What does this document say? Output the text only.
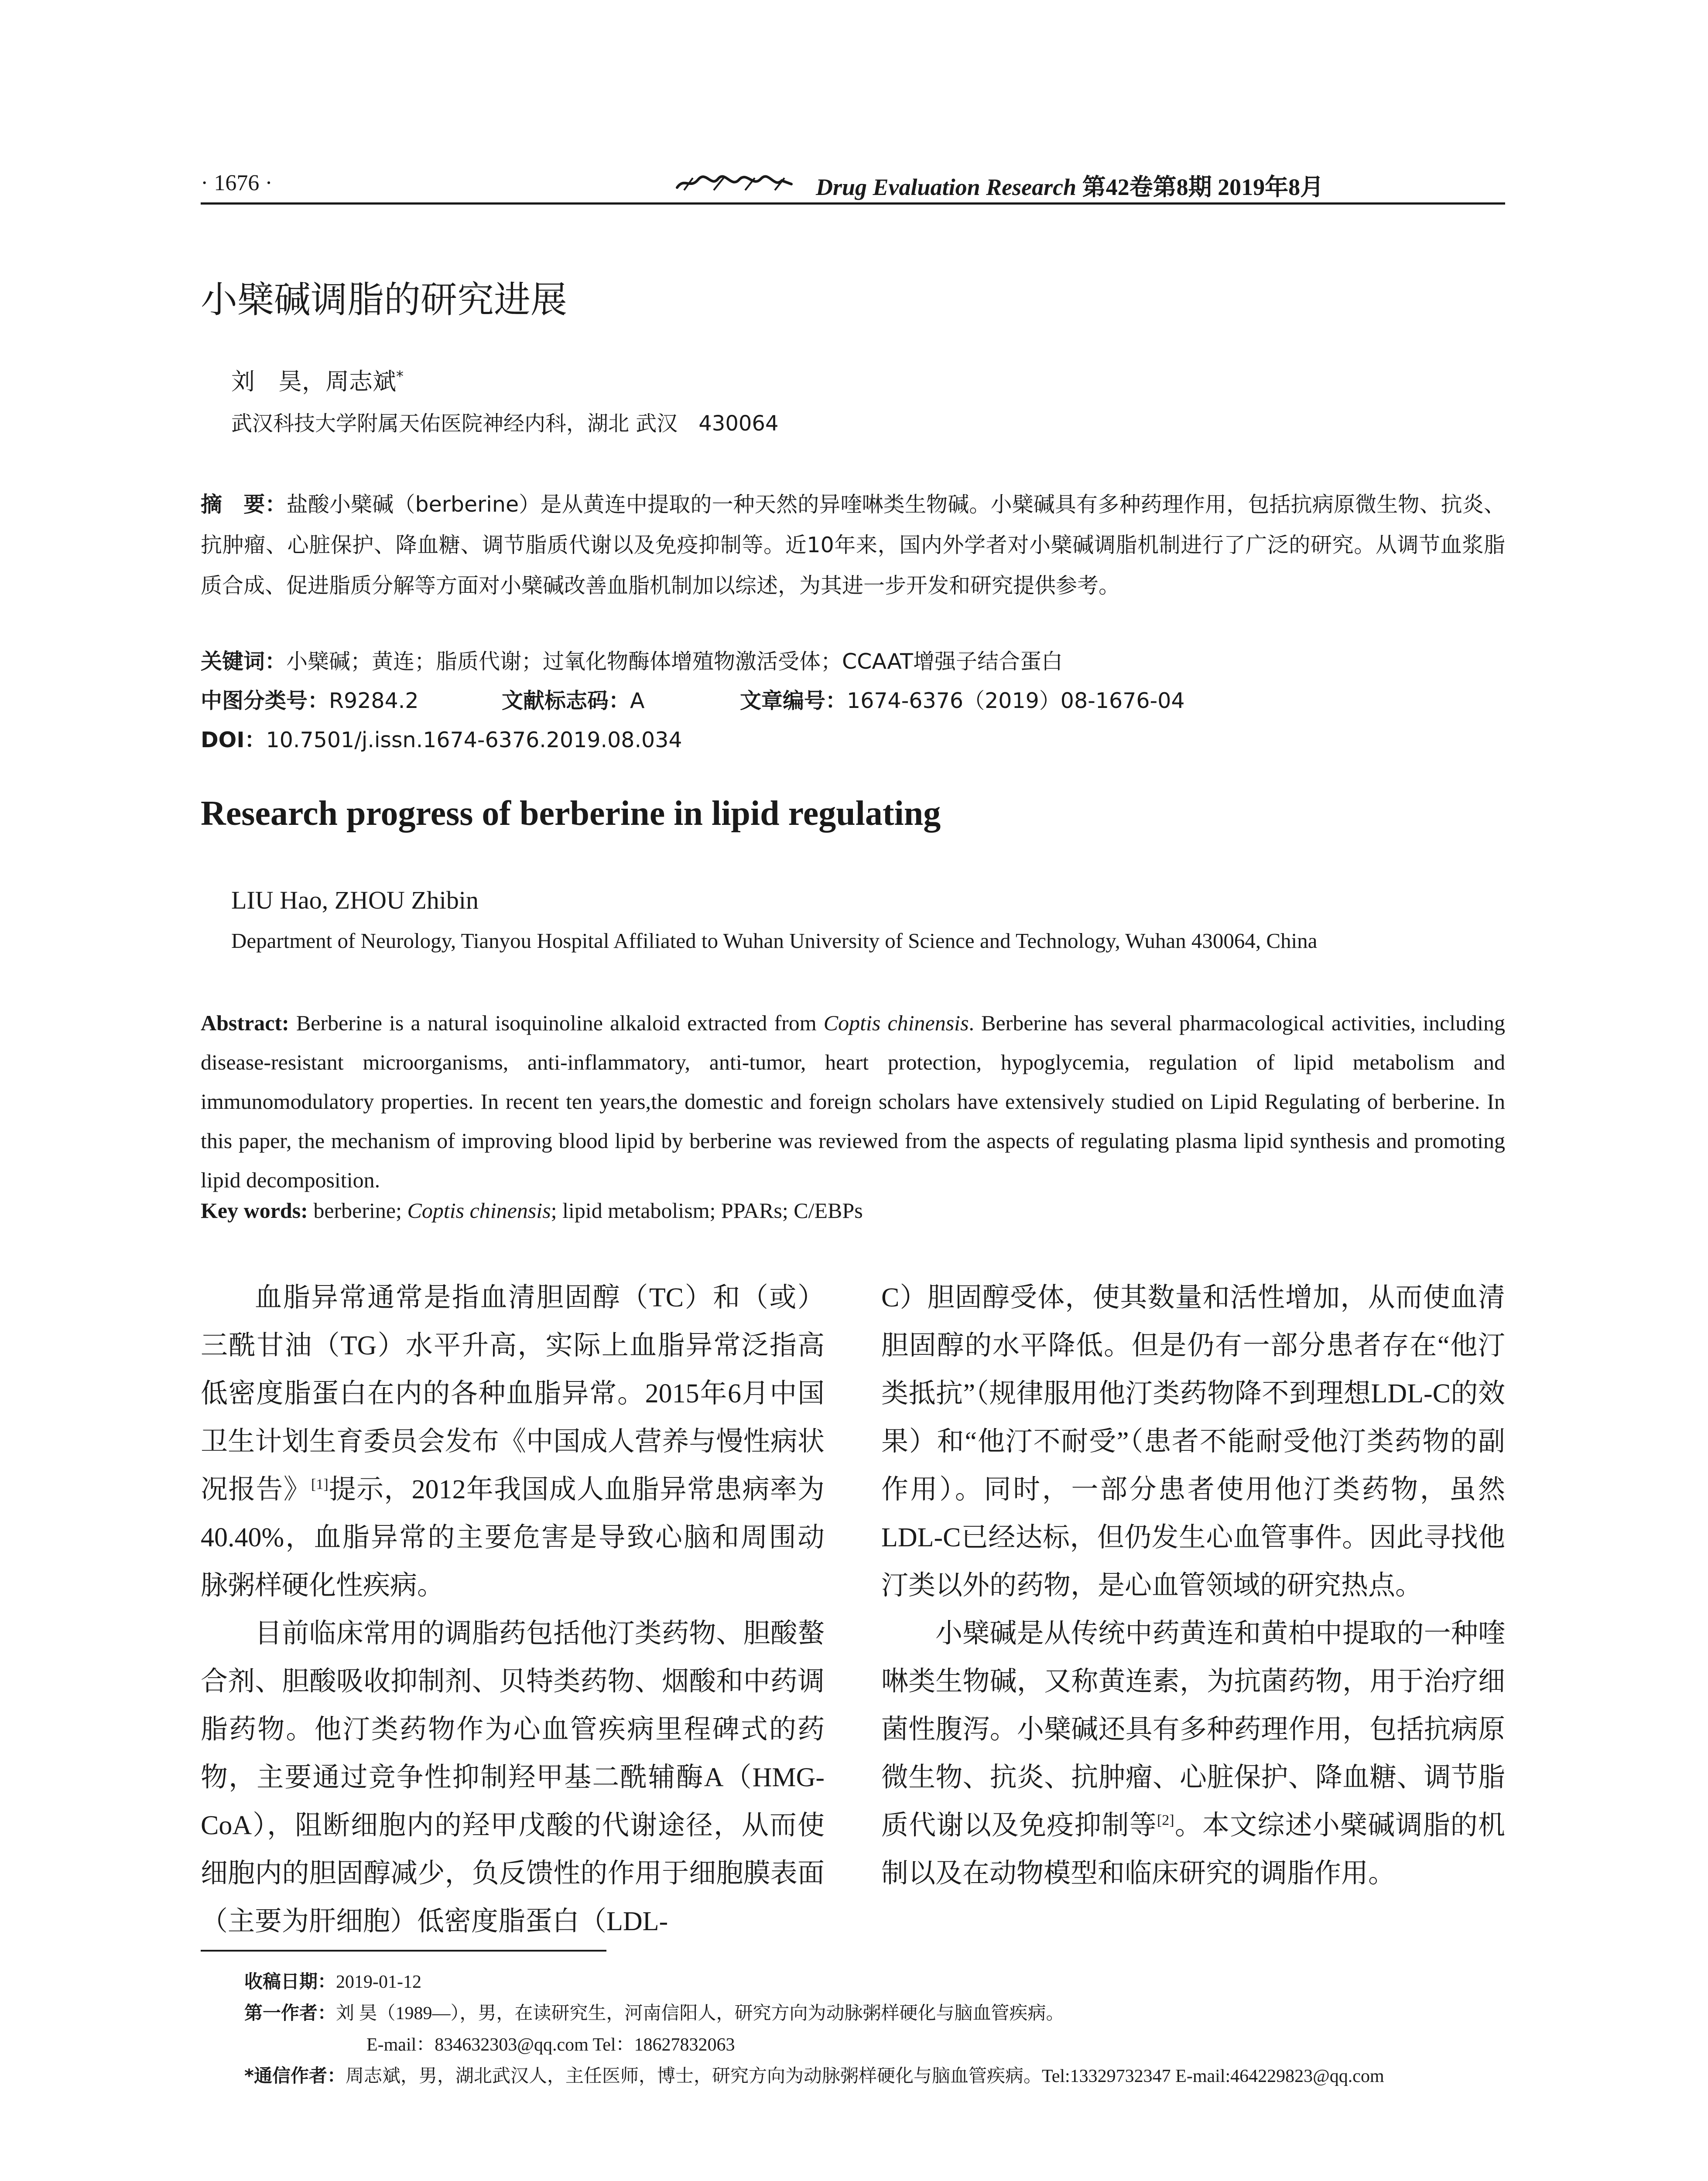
· 1676 ·	Drug Evaluation Research 第42卷第8期 2019年8月
小檗碱调脂的研究进展
刘　昊，周志斌*
武汉科技大学附属天佑医院神经内科，湖北 武汉　430064
摘　要：盐酸小檗碱（berberine）是从黄连中提取的一种天然的异喹啉类生物碱。小檗碱具有多种药理作用，包括抗病原微生物、抗炎、抗肿瘤、心脏保护、降血糖、调节脂质代谢以及免疫抑制等。近10年来，国内外学者对小檗碱调脂机制进行了广泛的研究。从调节血浆脂质合成、促进脂质分解等方面对小檗碱改善血脂机制加以综述，为其进一步开发和研究提供参考。
关键词：小檗碱；黄连；脂质代谢；过氧化物酶体增殖物激活受体；CCAAT增强子结合蛋白
中图分类号：R9284.2	文献标志码：A	文章编号：1674-6376（2019）08-1676-04
DOI：10.7501/j.issn.1674-6376.2019.08.034
Research progress of berberine in lipid regulating
LIU Hao, ZHOU Zhibin
Department of Neurology, Tianyou Hospital Affiliated to Wuhan University of Science and Technology, Wuhan 430064, China
Abstract: Berberine is a natural isoquinoline alkaloid extracted from Coptis chinensis. Berberine has several pharmacological activities, including disease-resistant microorganisms, anti-inflammatory, anti-tumor, heart protection, hypoglycemia, regulation of lipid metabolism and immunomodulatory properties. In recent ten years,the domestic and foreign scholars have extensively studied on Lipid Regulating of berberine. In this paper, the mechanism of improving blood lipid by berberine was reviewed from the aspects of regulating plasma lipid synthesis and promoting lipid decomposition.
Key words: berberine; Coptis chinensis; lipid metabolism; PPARs; C/EBPs

血脂异常通常是指血清胆固醇（TC）和（或）三酰甘油（TG）水平升高，实际上血脂异常泛指高低密度脂蛋白在内的各种血脂异常。2015年6月中国卫生计划生育委员会发布《中国成人营养与慢性病状况报告》[1]提示，2012年我国成人血脂异常患病率为40.40%，血脂异常的主要危害是导致心脑和周围动脉粥样硬化性疾病。

目前临床常用的调脂药包括他汀类药物、胆酸螯合剂、胆酸吸收抑制剂、贝特类药物、烟酸和中药调脂药物。他汀类药物作为心血管疾病里程碑式的药物，主要通过竞争性抑制羟甲基二酰辅酶A（HMG-CoA），阻断细胞内的羟甲戊酸的代谢途径，从而使细胞内的胆固醇减少，负反馈性的作用于细胞膜表面（主要为肝细胞）低密度脂蛋白（LDL-

C）胆固醇受体，使其数量和活性增加，从而使血清胆固醇的水平降低。但是仍有一部分患者存在“他汀类抵抗”（规律服用他汀类药物降不到理想LDL-C的效果）和“他汀不耐受”（患者不能耐受他汀类药物的副作用）。同时，一部分患者使用他汀类药物，虽然LDL-C已经达标，但仍发生心血管事件。因此寻找他汀类以外的药物，是心血管领域的研究热点。

小檗碱是从传统中药黄连和黄柏中提取的一种喹啉类生物碱，又称黄连素，为抗菌药物，用于治疗细菌性腹泻。小檗碱还具有多种药理作用，包括抗病原微生物、抗炎、抗肿瘤、心脏保护、降血糖、调节脂质代谢以及免疫抑制等[2]。本文综述小檗碱调脂的机制以及在动物模型和临床研究的调脂作用。

收稿日期：2019-01-12
第一作者：刘 昊（1989—），男，在读研究生，河南信阳人，研究方向为动脉粥样硬化与脑血管疾病。
E-mail：834632303@qq.com Tel：18627832063
*通信作者：周志斌，男，湖北武汉人，主任医师，博士，研究方向为动脉粥样硬化与脑血管疾病。Tel:13329732347 E-mail:464229823@qq.com
